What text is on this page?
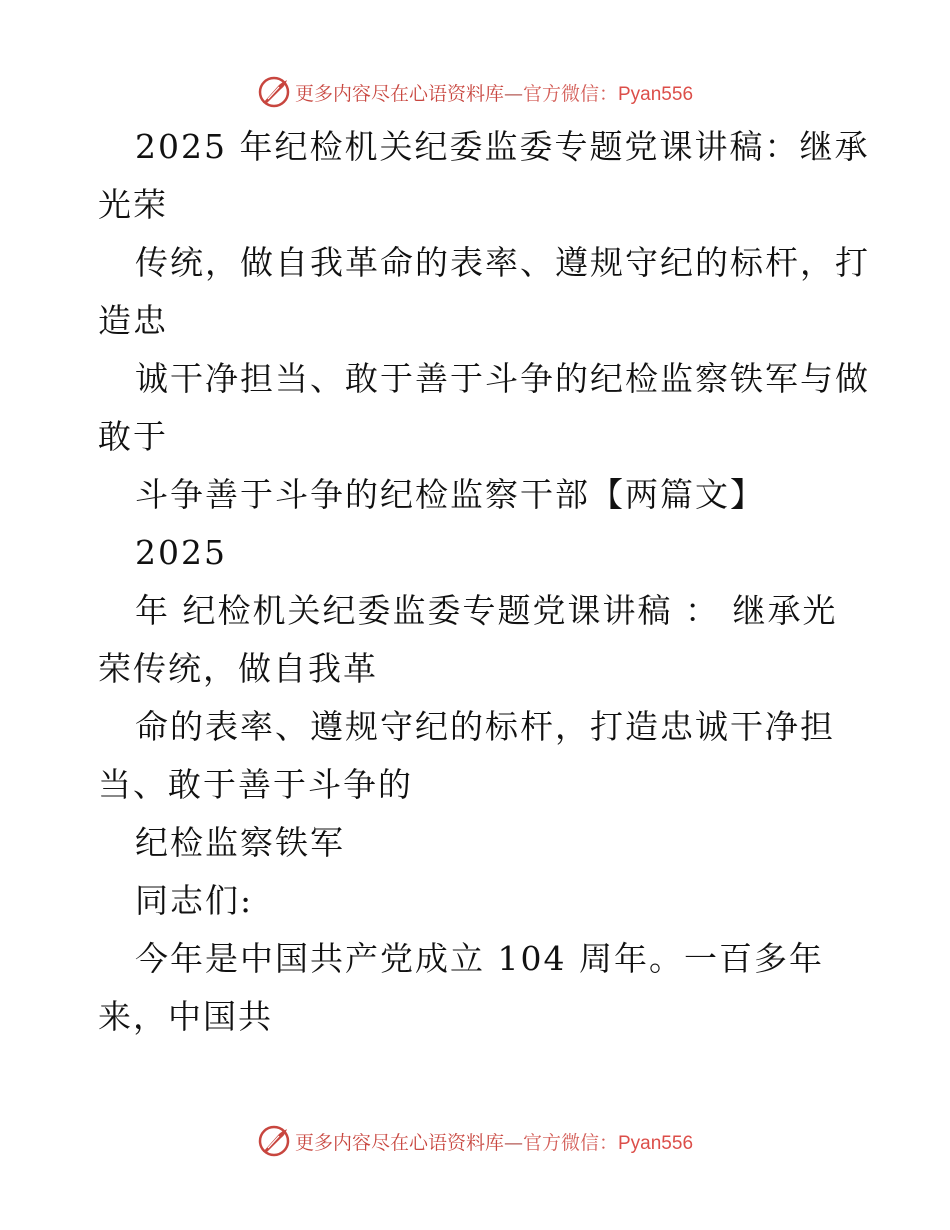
更多内容尽在心语资料库—官方微信：Pyan556
2025 年纪检机关纪委监委专题党课讲稿：继承
光荣
传统，做自我革命的表率、遵规守纪的标杆，打
造忠
诚干净担当、敢于善于斗争的纪检监察铁军与做
敢于
斗争善于斗争的纪检监察干部【两篇文】
2025
年 纪检机关纪委监委专题党课讲稿 ： 继承光
荣传统，做自我革
命的表率、遵规守纪的标杆，打造忠诚干净担
当、敢于善于斗争的
纪检监察铁军
同志们:
今年是中国共产党成立 104 周年。一百多年
来，中国共
更多内容尽在心语资料库—官方微信：Pyan556
